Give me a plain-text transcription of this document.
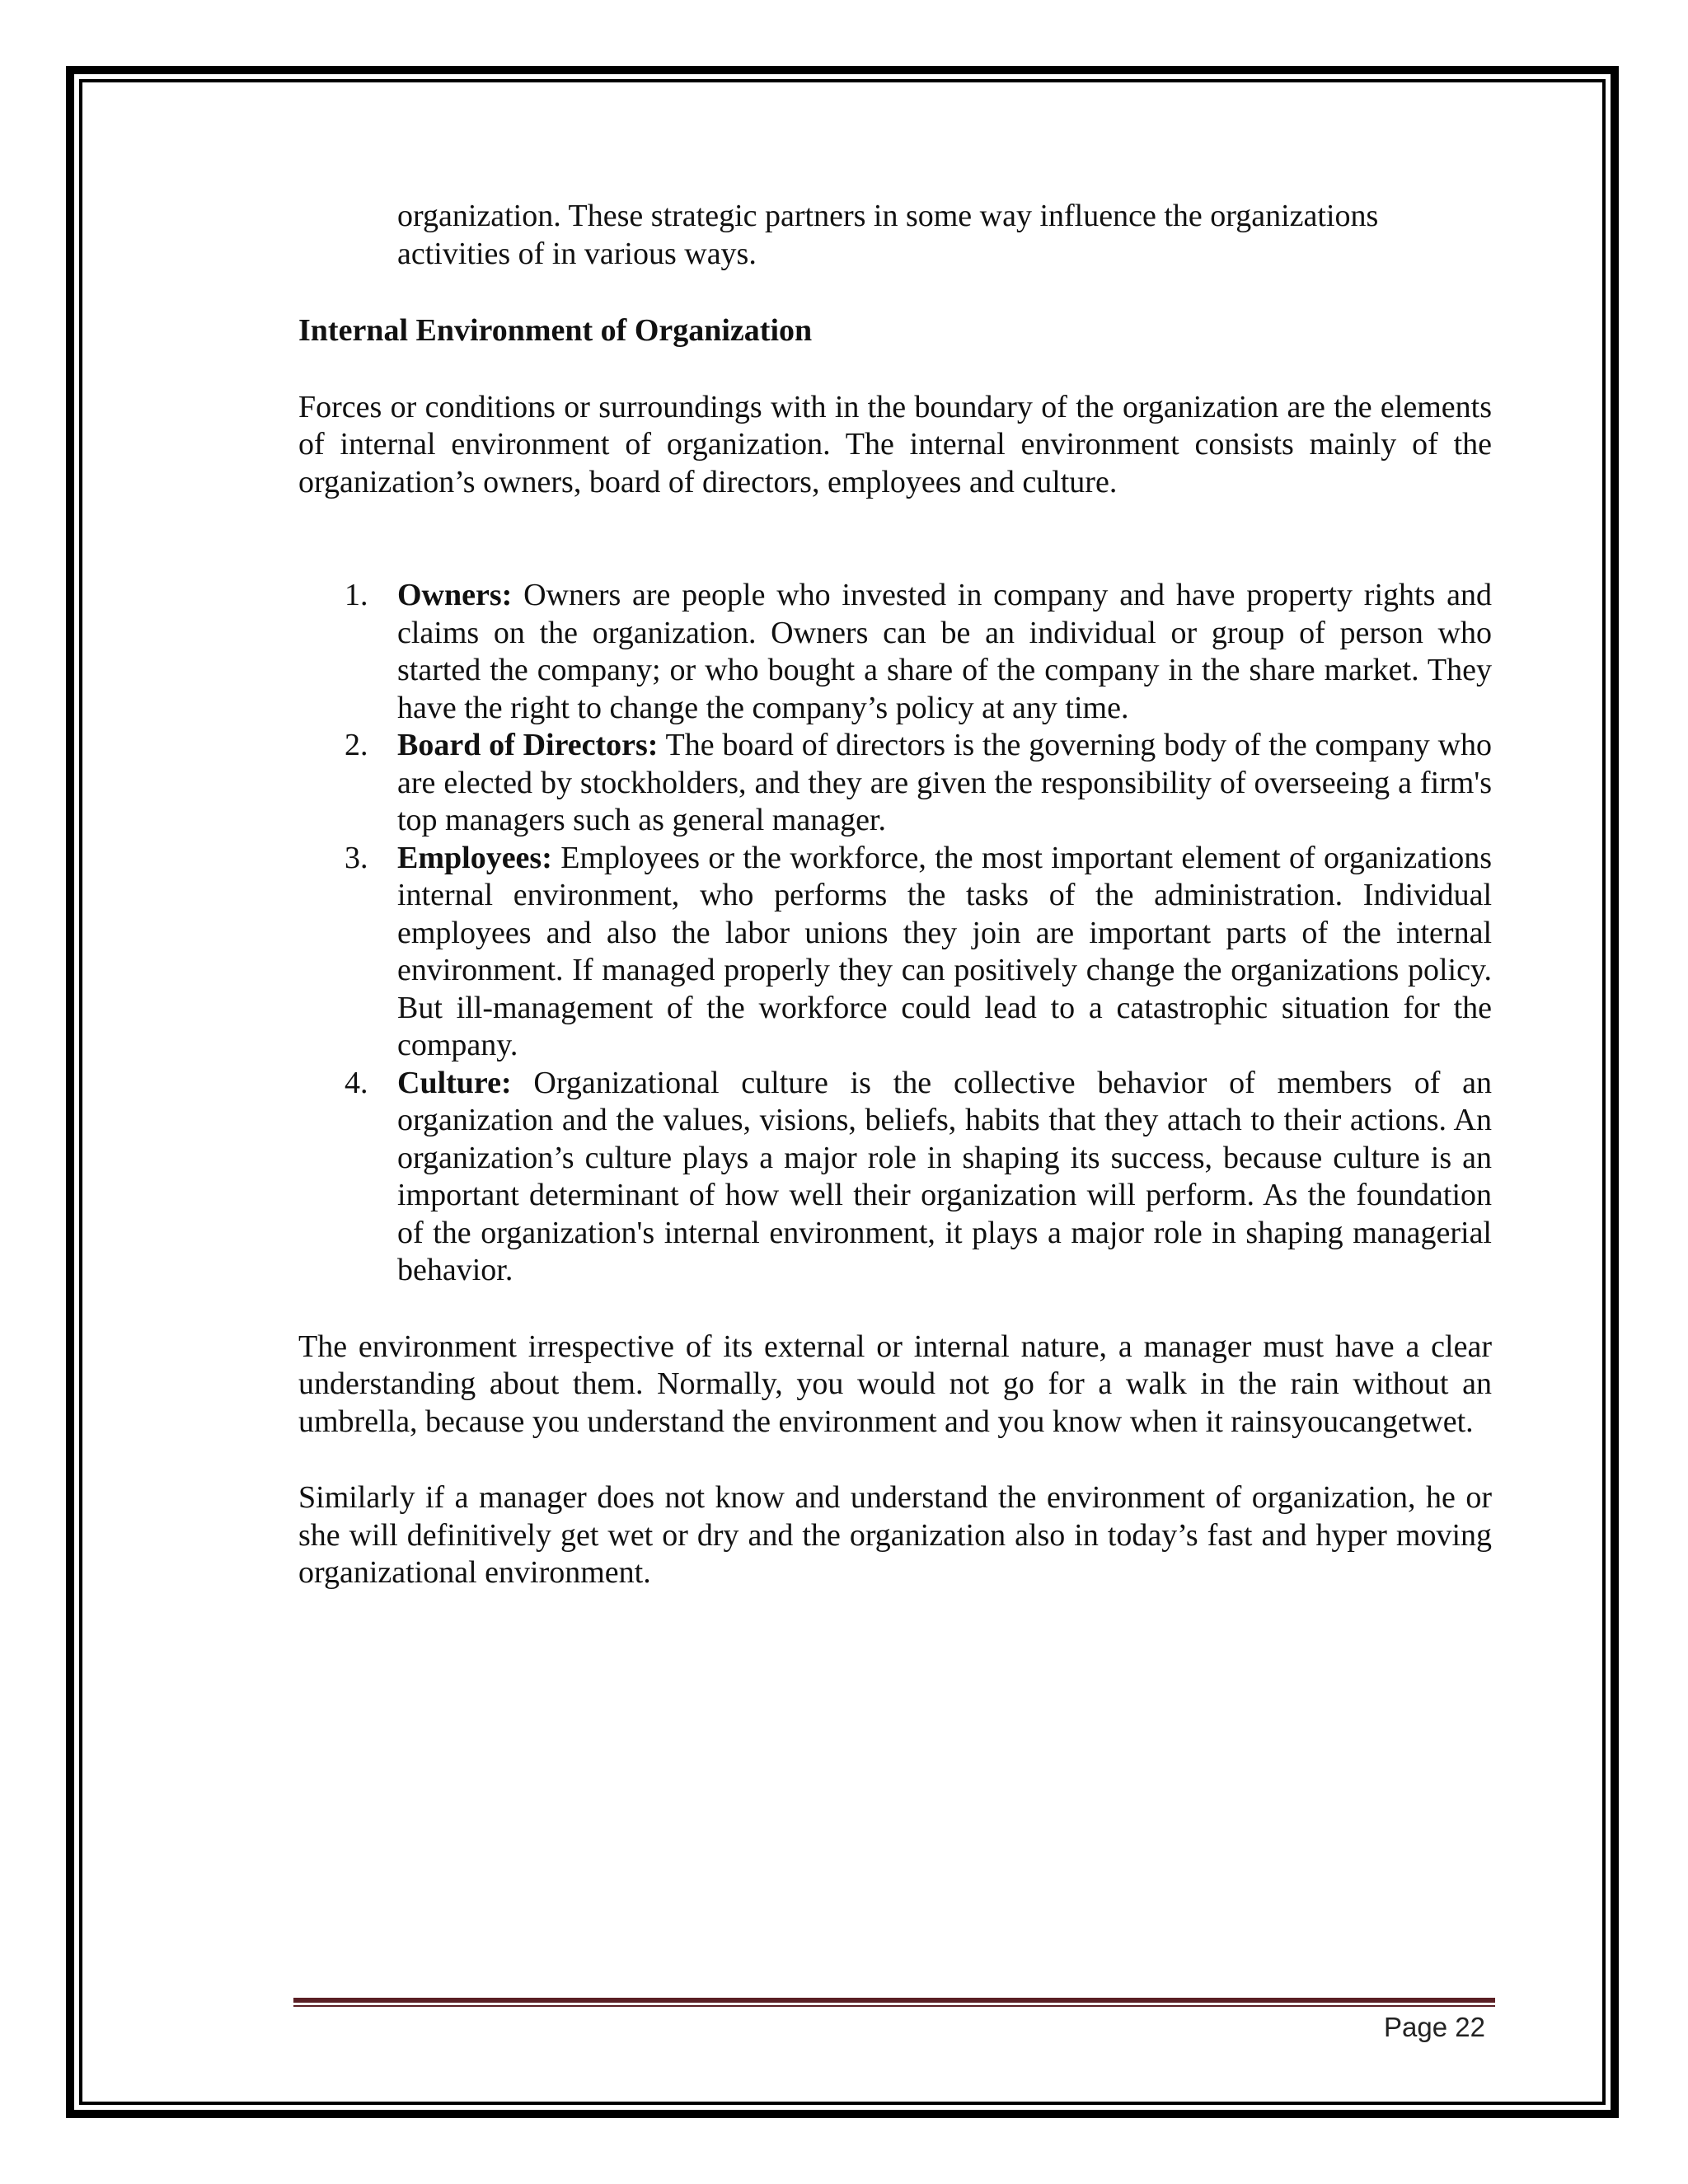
organization. These strategic partners in some way influence the organizations activities of in various ways.

Internal Environment of Organization

Forces or conditions or surroundings with in the boundary of the organization are the elements of internal environment of organization. The internal environment consists mainly of the organization’s owners, board of directors, employees and culture.

1. Owners: Owners are people who invested in company and have property rights and claims on the organization. Owners can be an individual or group of person who started the company; or who bought a share of the company in the share market. They have the right to change the company’s policy at any time.
2. Board of Directors: The board of directors is the governing body of the company who are elected by stockholders, and they are given the responsibility of overseeing a firm's top managers such as general manager.
3. Employees: Employees or the workforce, the most important element of organizations internal environment, who performs the tasks of the administration. Individual employees and also the labor unions they join are important parts of the internal environment. If managed properly they can positively change the organizations policy. But ill-management of the workforce could lead to a catastrophic situation for the company.
4. Culture: Organizational culture is the collective behavior of members of an organization and the values, visions, beliefs, habits that they attach to their actions. An organization’s culture plays a major role in shaping its success, because culture is an important determinant of how well their organization will perform. As the foundation of the organization's internal environment, it plays a major role in shaping managerial behavior.

The environment irrespective of its external or internal nature, a manager must have a clear understanding about them. Normally, you would not go for a walk in the rain without an umbrella, because you understand the environment and you know when it rainsyoucangetwet.

Similarly if a manager does not know and understand the environment of organization, he or she will definitively get wet or dry and the organization also in today’s fast and hyper moving organizational environment.

Page 22
